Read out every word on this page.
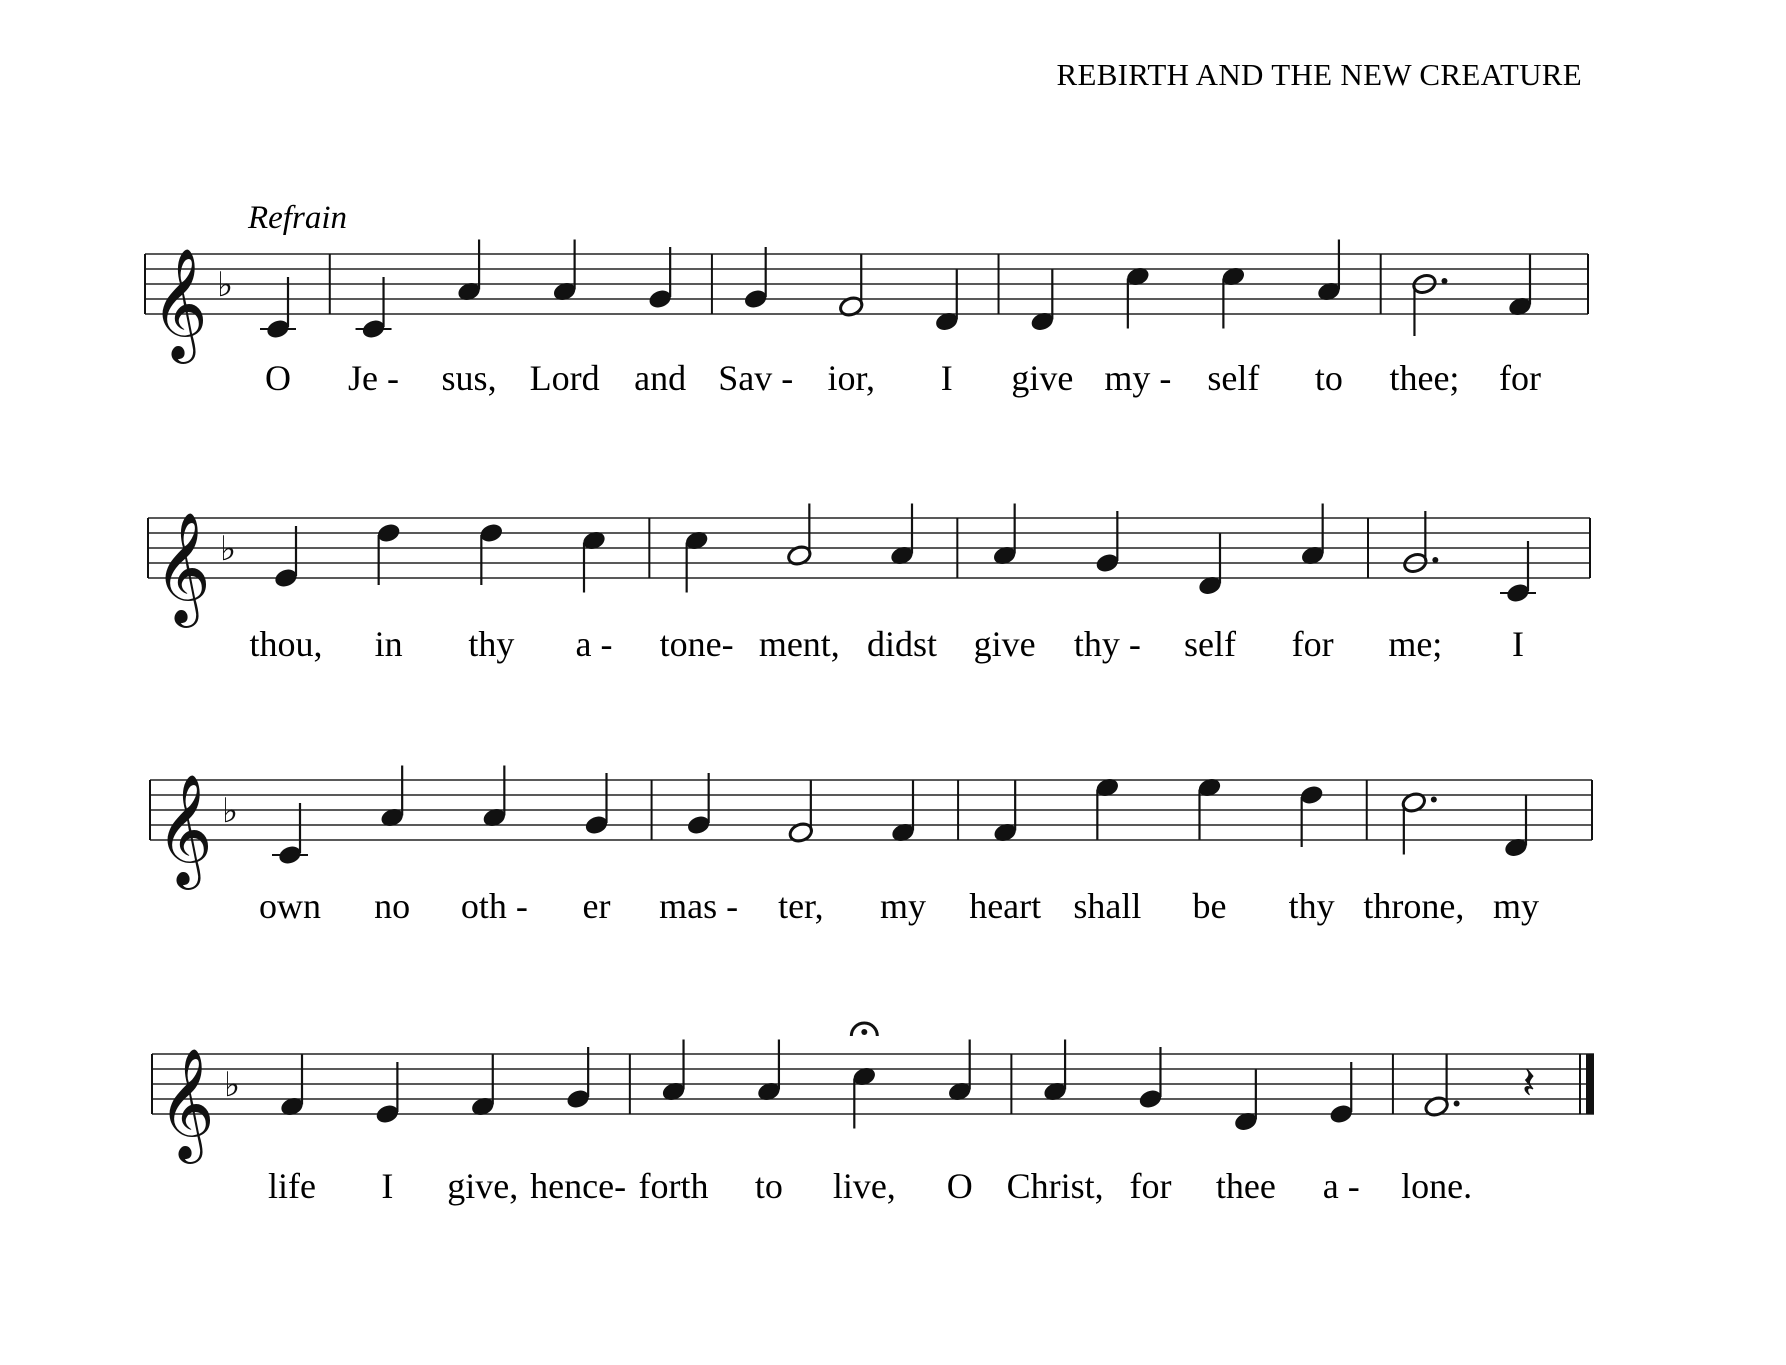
REBIRTH AND THE NEW CREATURE
Refrain
𝄞 ♭
O Je - sus, Lord and Sav - ior, I give my - self to thee; for
𝄞 ♭
thou, in thy a - tone- ment, didst give thy - self for me; I
𝄞 ♭
own no oth - er mas - ter, my heart shall be thy throne, my
𝄞 ♭
life I give, hence- forth to live, O Christ, for thee a - lone.
𝄽
